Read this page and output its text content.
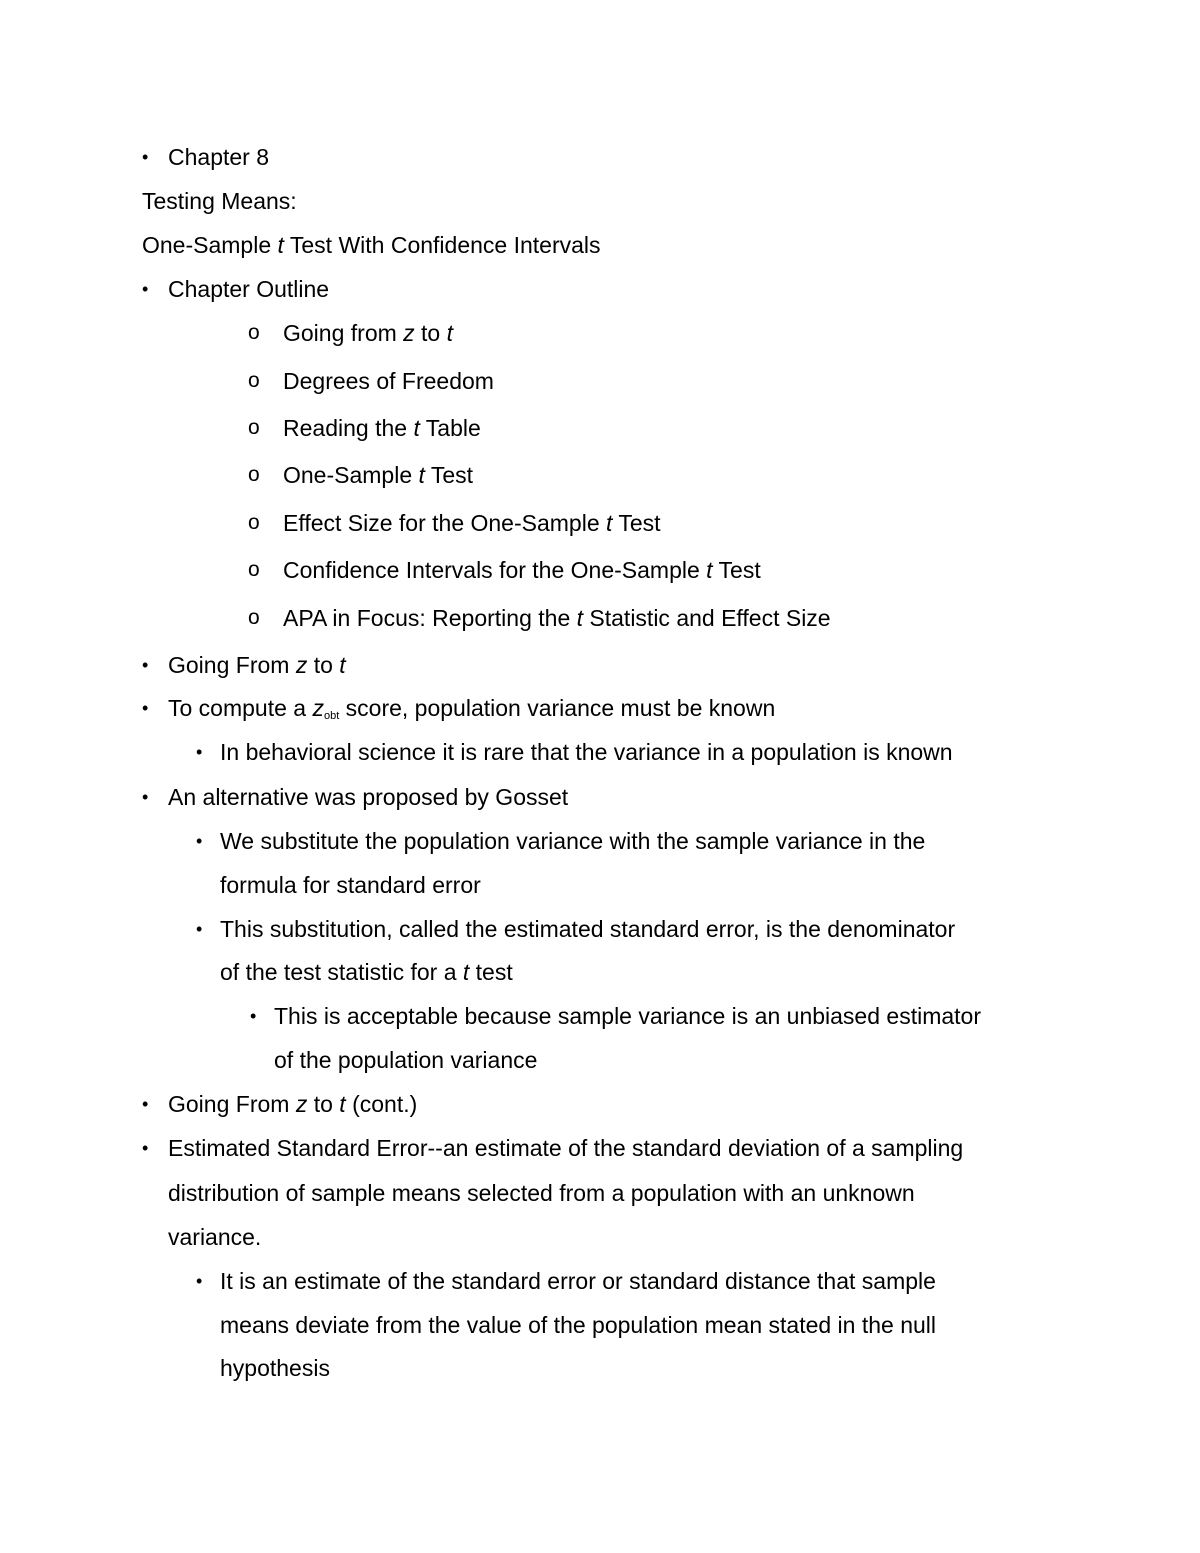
• Chapter 8
Testing Means:
One-Sample t Test With Confidence Intervals
• Chapter Outline
o Going from z to t
o Degrees of Freedom
o Reading the t Table
o One-Sample t Test
o Effect Size for the One-Sample t Test
o Confidence Intervals for the One-Sample t Test
o APA in Focus: Reporting the t Statistic and Effect Size
• Going From z to t
• To compute a $z_{obt}$ score, population variance must be known
• In behavioral science it is rare that the variance in a population is known
• An alternative was proposed by Gosset
• We substitute the population variance with the sample variance in the
formula for standard error
• This substitution, called the estimated standard error, is the denominator
of the test statistic for a t test
• This is acceptable because sample variance is an unbiased estimator
of the population variance
• Going From z to t (cont.)
• Estimated Standard Error--an estimate of the standard deviation of a sampling
distribution of sample means selected from a population with an unknown
variance.
• It is an estimate of the standard error or standard distance that sample
means deviate from the value of the population mean stated in the null
hypothesis
